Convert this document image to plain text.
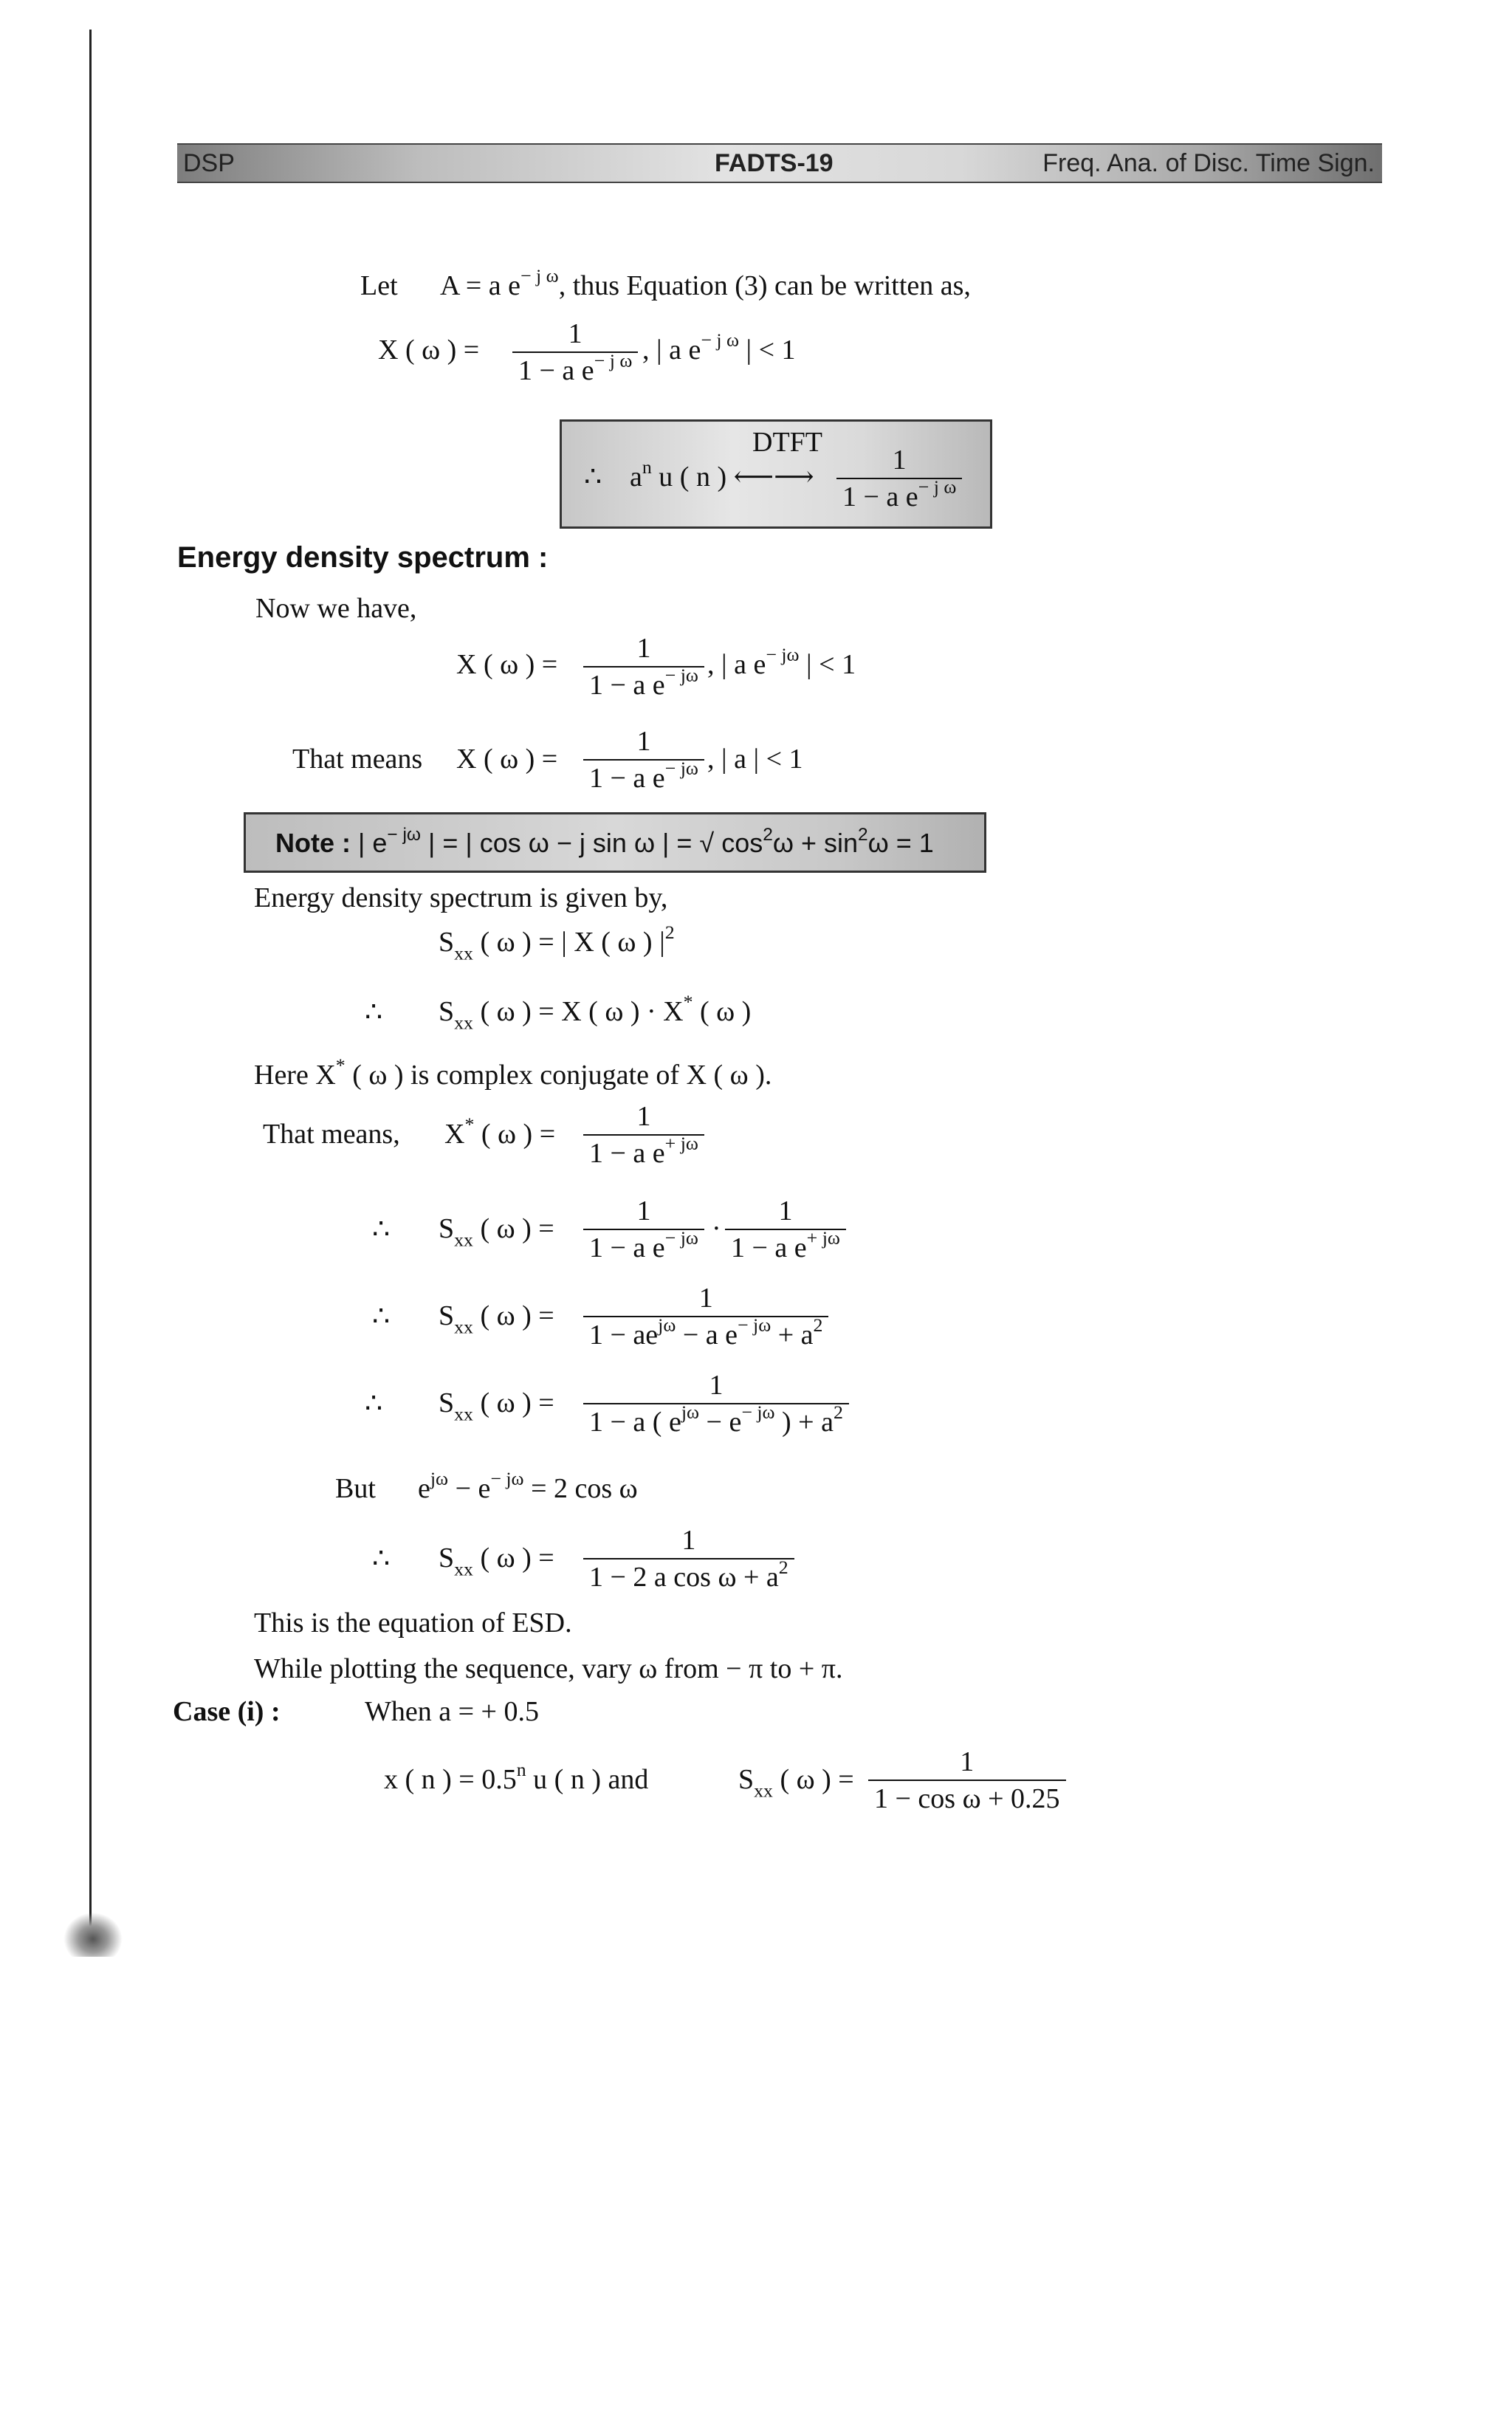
DSP	FADTS-19	Freq. Ana. of Disc. Time Sign.
Let A = a $e^{- j \omega}$, thus Equation (3) can be written as,
X ( ω ) =
1
1 − a $e^{- j \omega}$ , | a $e^{- j \omega}$ | < 1
DTFT
∴ $a^n$ u ( n ) ⟵⟶
1
1 − a $e^{- j \omega}$
Energy density spectrum :
Now we have,
X ( ω ) =
1
1 − a $e^{- j\omega}$ , | a $e^{- j\omega}$ | < 1
That means X ( ω ) =
1
1 − a $e^{- j\omega}$ , | a | < 1
Note : | $e^{- j\omega}$ | = | cos ω − j sin ω | = √ $\cos^2\omega + \sin^2\omega = 1$
Energy density spectrum is given by,
$S_{xx}$ ( ω ) = | X ( ω ) $|^2$
∴ $S_{xx}$ ( ω ) = X ( ω ) · X* ( ω )
Here X* ( ω ) is complex conjugate of X ( ω ).
That means, X* ( ω ) =
1
1 − a $e^{+ j\omega}$
∴ $S_{xx}$ ( ω ) =
1
1 − a $e^{- j\omega}$ ·
1
1 − a $e^{+ j\omega}$
∴ $S_{xx}$ ( ω ) =
1
$1 - ae^{j\omega} - a$ $e^{- j\omega} + a^2$
∴ $S_{xx}$ ( ω ) =
1
1 − a ( $e^{j\omega} - e^{- j\omega}$ ) + $a^2$
But $e^{j\omega} - e^{- j\omega} = 2$ cos ω
∴ $S_{xx}$ ( ω ) =
1
1 − 2 a $\cos \omega + a^2$
This is the equation of ESD.
While plotting the sequence, vary ω from − π to + π.
Case (i) :	When a = + 0.5
x ( n ) = $0.5^n$ u ( n ) and	$S_{xx}$ ( ω ) =
1
1 − cos ω + 0.25
